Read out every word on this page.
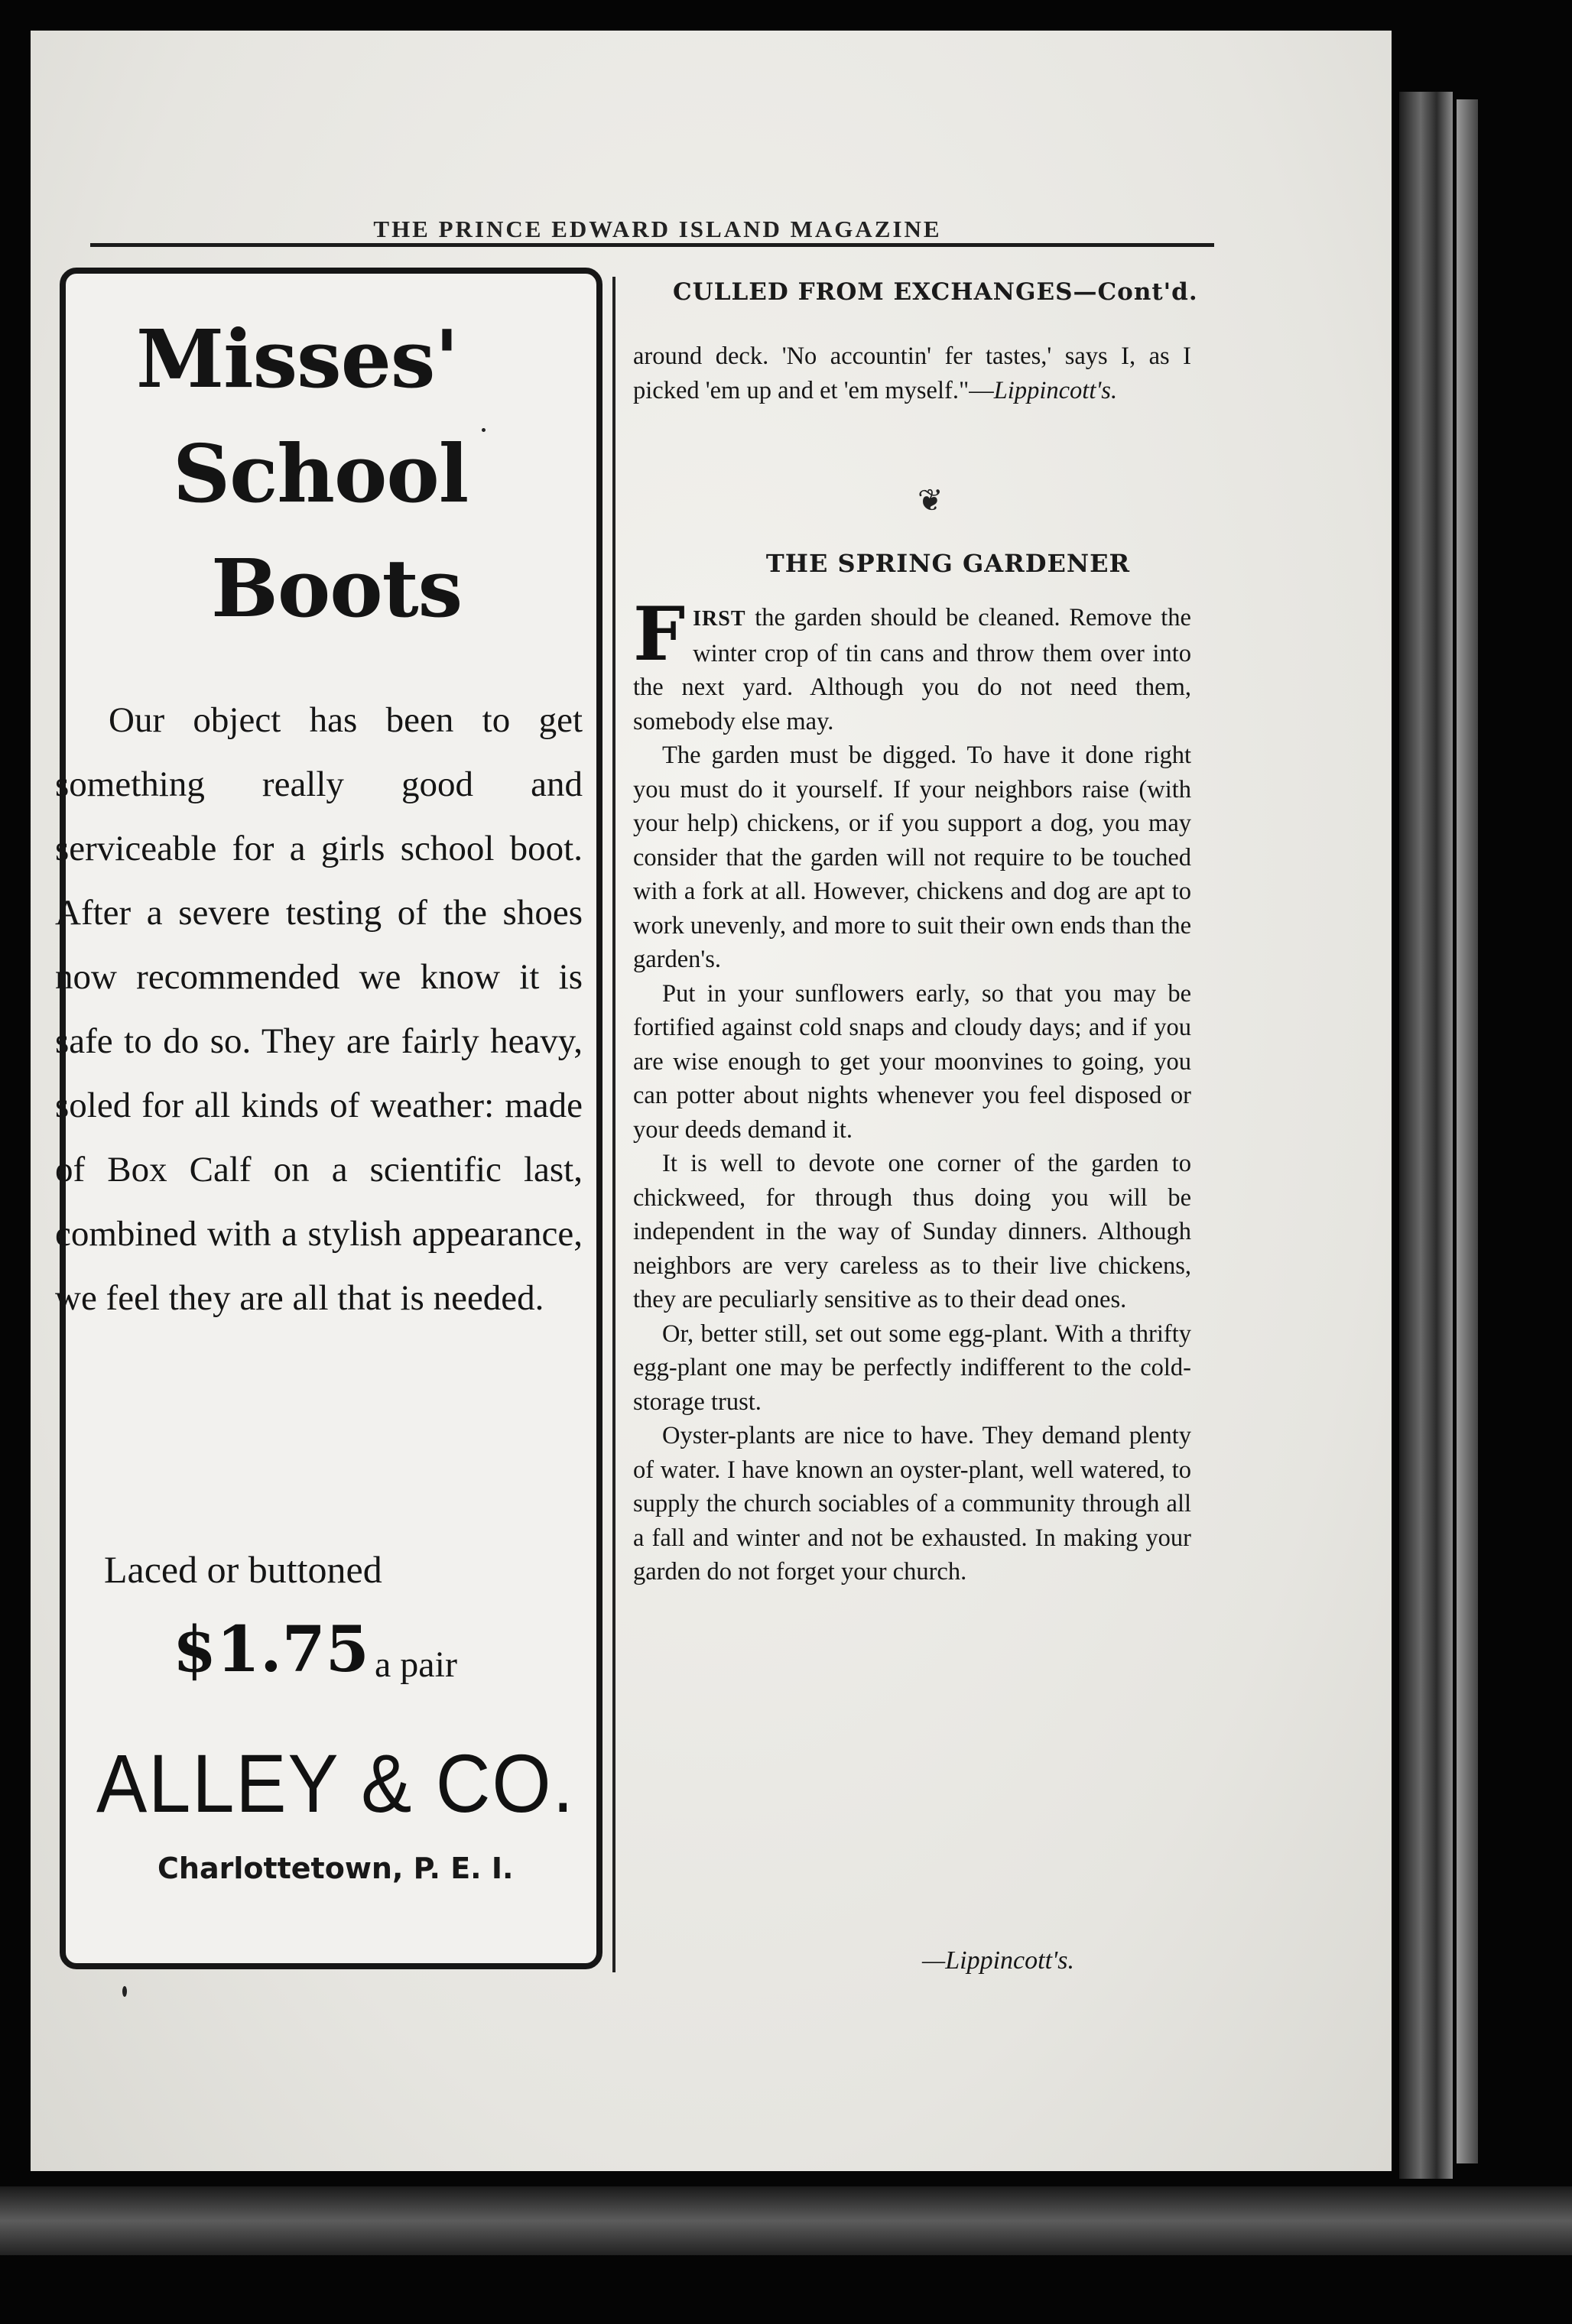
THE PRINCE EDWARD ISLAND MAGAZINE
Misses'
School
Boots
Our object has been to get something really good and serviceable for a girls school boot. After a severe testing of the shoes now recommended we know it is safe to do so. They are fairly heavy, soled for all kinds of weather: made of Box Calf on a scientific last, combined with a stylish appearance, we feel they are all that is needed.
Laced or buttoned
$1.75 a pair
ALLEY & CO.
Charlottetown, P. E. I.
CULLED FROM EXCHANGES—Cont'd.

around deck. 'No accountin' fer tastes,' says I, as I picked 'em up and et 'em myself."—Lippincott's.

❦
THE SPRING GARDENER

FIRST the garden should be cleaned. Remove the winter crop of tin cans and throw them over into the next yard. Although you do not need them, somebody else may.

The garden must be digged. To have it done right you must do it yourself. If your neighbors raise (with your help) chickens, or if you support a dog, you may consider that the garden will not require to be touched with a fork at all. However, chickens and dog are apt to work unevenly, and more to suit their own ends than the garden's.

Put in your sunflowers early, so that you may be fortified against cold snaps and cloudy days; and if you are wise enough to get your moonvines to going, you can potter about nights whenever you feel disposed or your deeds demand it.

It is well to devote one corner of the garden to chickweed, for through thus doing you will be independent in the way of Sunday dinners. Although neighbors are very careless as to their live chickens, they are peculiarly sensitive as to their dead ones.

Or, better still, set out some egg-plant. With a thrifty egg-plant one may be perfectly indifferent to the cold-storage trust.

Oyster-plants are nice to have. They demand plenty of water. I have known an oyster-plant, well watered, to supply the church sociables of a community through all a fall and winter and not be exhausted. In making your garden do not forget your church.

—Lippincott's.
